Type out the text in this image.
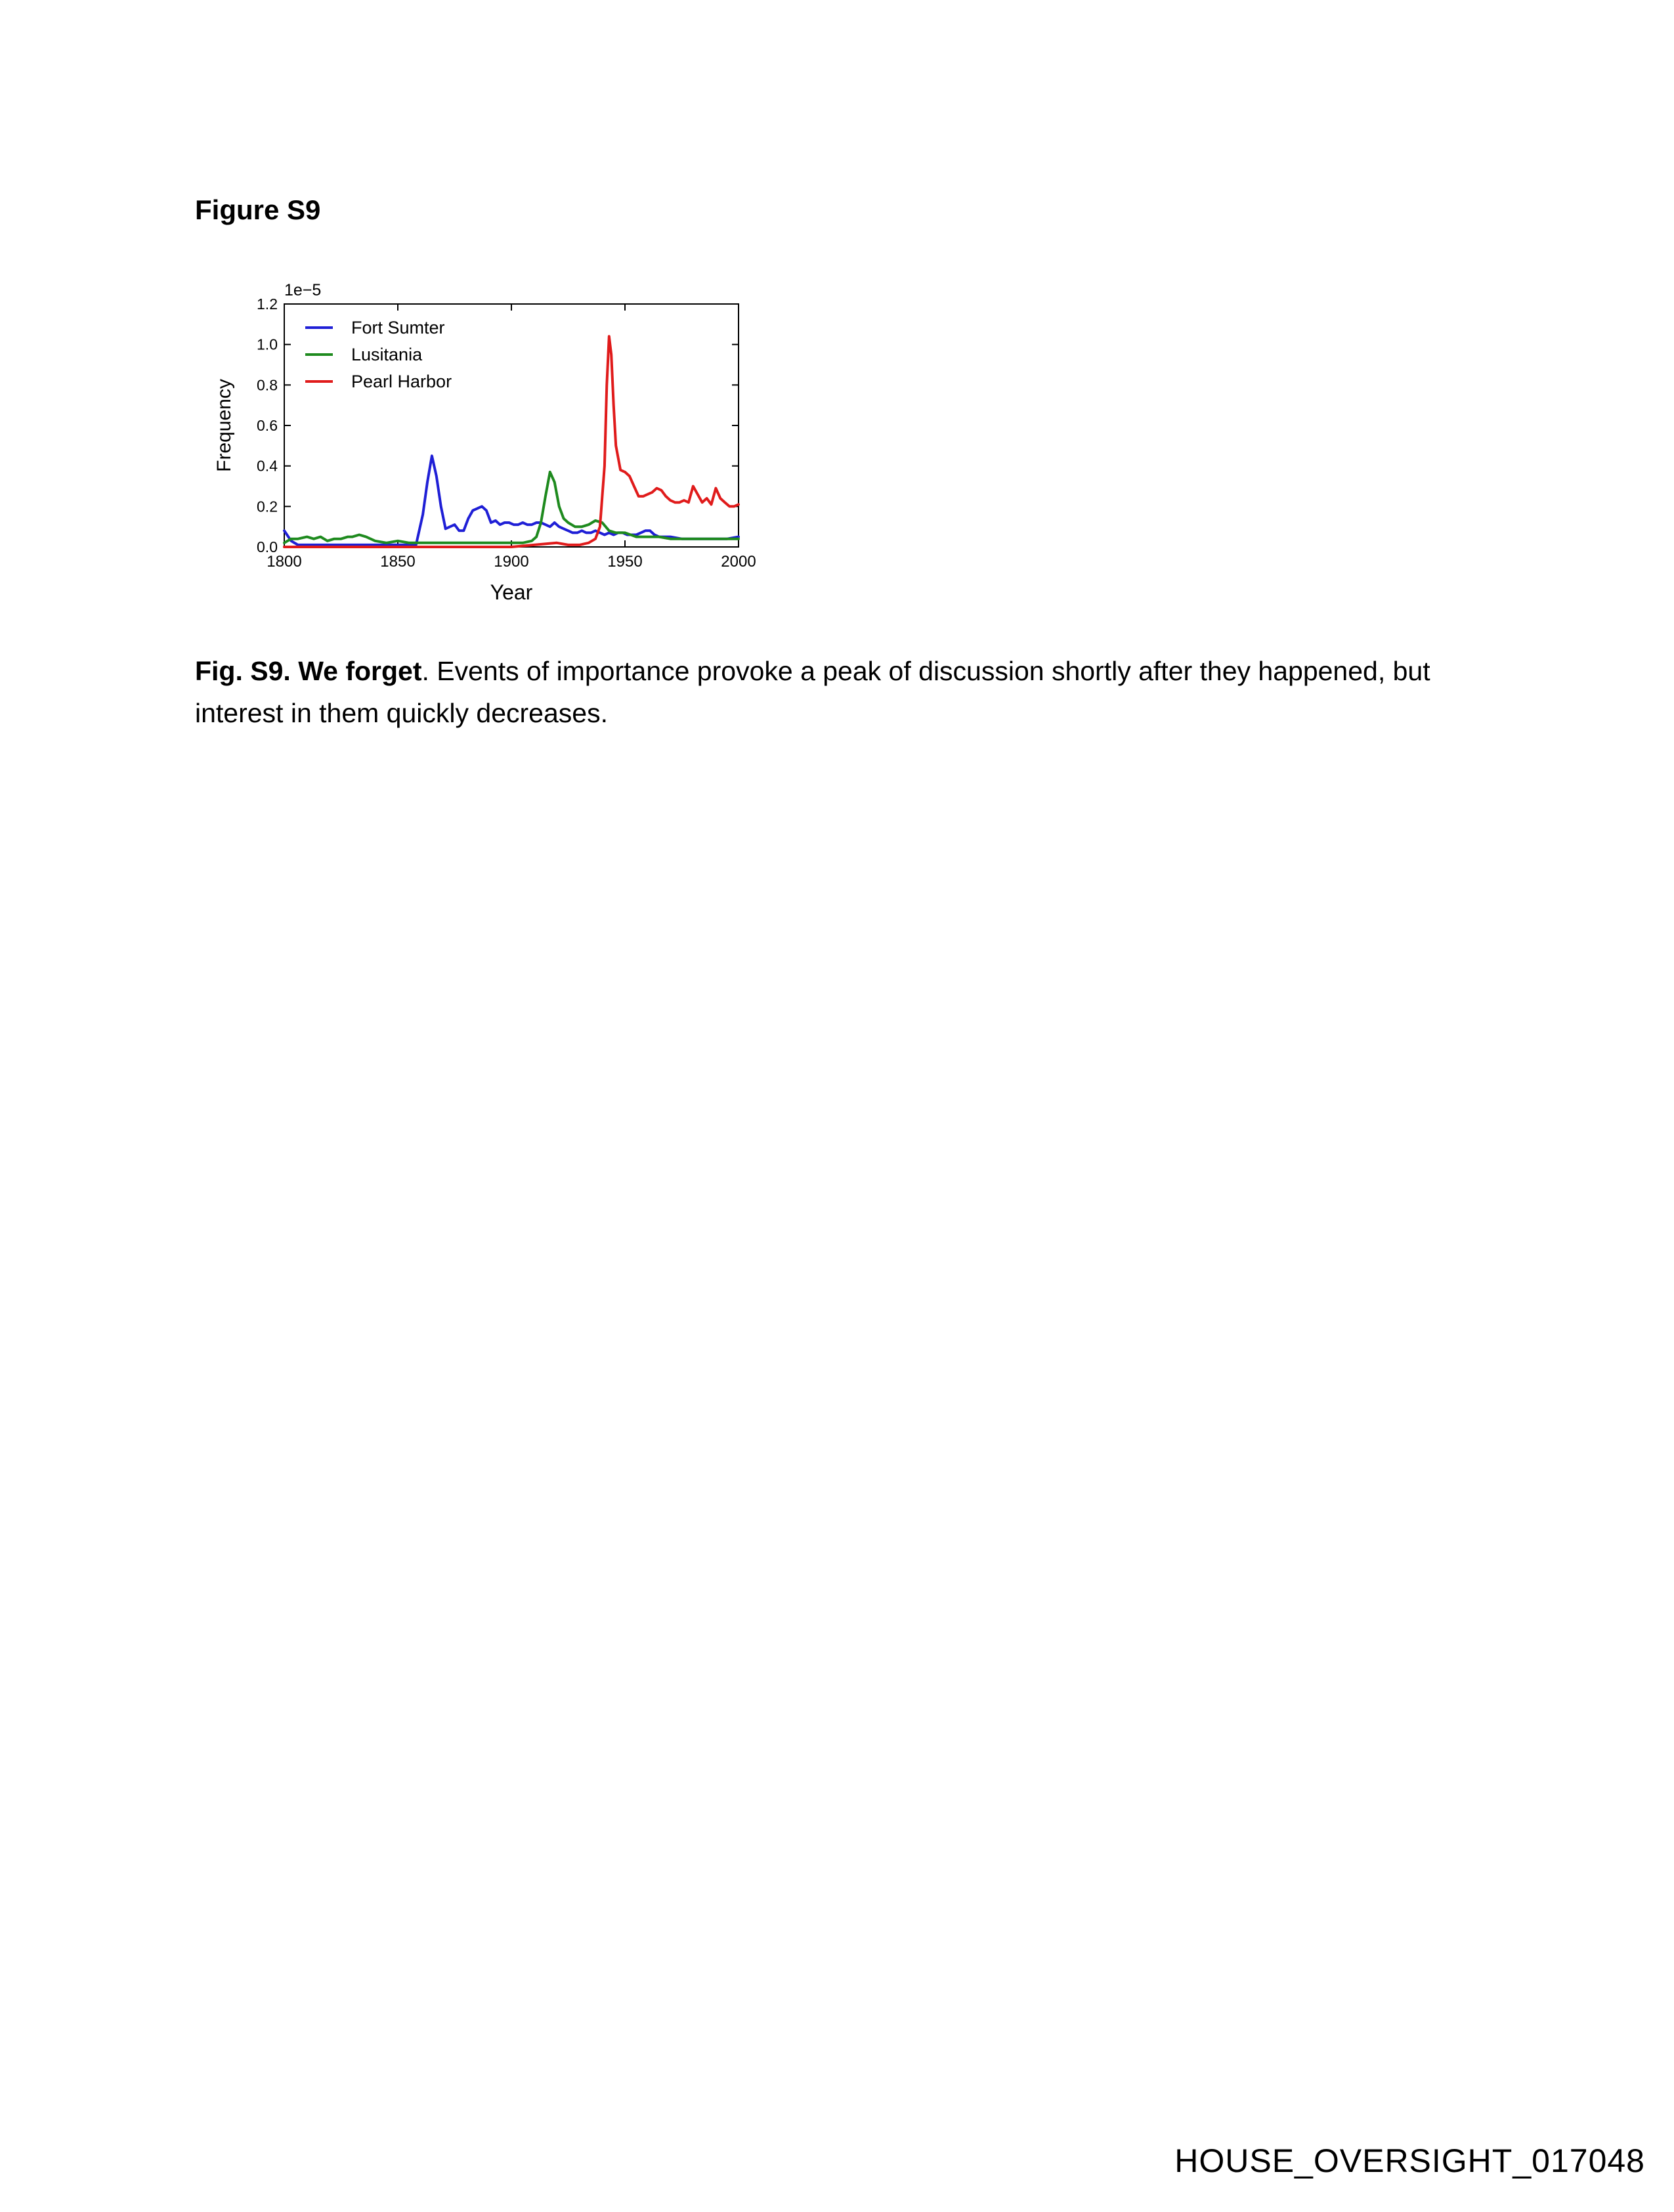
Figure S9
1800	1850	1900	1950	2000
0.0
0.2
0.4
0.6
0.8
1.0
1.2
1e−5
Year
Frequency
Fort Sumter
Lusitania
Pearl Harbor
Fig. S9. We forget. Events of importance provoke a peak of discussion shortly after they happened, but interest in them quickly decreases.
HOUSE_OVERSIGHT_017048
